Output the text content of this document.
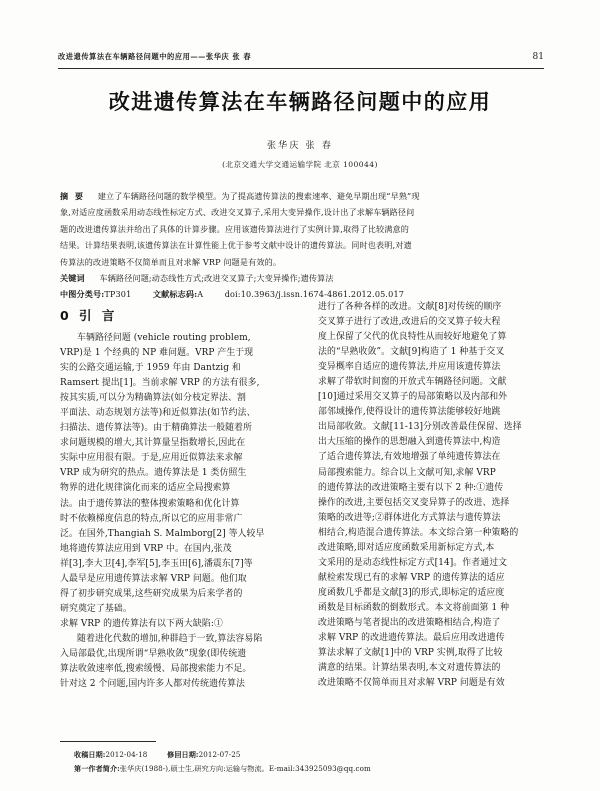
改进遗传算法在车辆路径问题中的应用——张华庆 张 春	81
改进遗传算法在车辆路径问题中的应用
张华庆 张 春
(北京交通大学交通运输学院 北京 100044)
摘 要 建立了车辆路径问题的数学模型。为了提高遗传算法的搜索速率、避免早期出现“早熟”现
象,对适应度函数采用动态线性标定方式、改进交叉算子,采用大变异操作,设计出了求解车辆路径问
题的改进遗传算法并给出了具体的计算步骤。应用该遗传算法进行了实例计算,取得了比较满意的
结果。计算结果表明,该遗传算法在计算性能上优于参考文献中设计的遗传算法。同时也表明,对遗
传算法的改进策略不仅简单而且对求解 VRP 问题是有效的。
关键词 车辆路径问题;动态线性方式;改进交叉算子;大变异操作;遗传算法
中图分类号:TP301	文献标志码:A	doi:10.3963/j.issn.1674-4861.2012.05.017
0 引 言
车辆路径问题 (vehicle routing problem,
VRP)是 1 个经典的 NP 难问题。VRP 产生于现
实的公路交通运输,于 1959 年由 Dantzig 和
Ramsert 提出[1]。当前求解 VRP 的方法有很多,
按其实质,可以分为精确算法(如分枝定界法、割
平面法、动态规划方法等)和近似算法(如节约法、
扫描法、遗传算法等)。由于精确算法一般随着所
求问题规模的增大,其计算量呈指数增长,因此在
实际中应用很有限。于是,应用近似算法来求解
VRP 成为研究的热点。遗传算法是 1 类仿照生
物界的进化规律演化而来的适应全局搜索算
法。由于遗传算法的整体搜索策略和优化计算
时不依赖梯度信息的特点,所以它的应用非常广
泛。在国外,Thangiah S. Malmborg[2] 等人较早
地将遗传算法应用到 VRP 中。在国内,张茂
祥[3],李大卫[4],李军[5],李玉田[6],潘震东[7]等
人最早是应用遗传算法求解 VRP 问题。他们取
得了初步研究成果,这些研究成果为后来学者的
研究奠定了基础。
求解 VRP 的遗传算法有以下两大缺陷:①
随着进化代数的增加,种群趋于一致,算法容易陷
入局部最优,出现所谓“早熟收敛”现象(即传统遗
算法收敛速率低,搜索缓慢、局部搜索能力不足。
针对这 2 个问题,国内许多人都对传统遗传算法
进行了各种各样的改进。文献[8]对传统的顺序
交叉算子进行了改进,改进后的交叉算子较大程
度上保留了父代的优良特性从而较好地避免了算
法的“早熟收敛”。文献[9]构造了 1 种基于交叉
变异概率自适应的遗传算法,并应用该遗传算法
求解了带软时间窗的开放式车辆路径问题。文献
[10]通过采用交叉算子的局部策略以及内部和外
部邻域操作,使得设计的遗传算法能够较好地跳
出局部收敛。文献[11-13]分别改善最佳保留、选择
出大压缩的操作的思想融入到遗传算法中,构造
了适合遗传算法,有效地增强了单纯遗传算法在
局部搜索能力。综合以上文献可知,求解 VRP
的遗传算法的改进策略主要有以下 2 种:①遗传
操作的改进,主要包括交叉变异算子的改进、选择
策略的改进等;②群体进化方式算法与遗传算法
相结合,构造混合遗传算法。本文综合第一种策略的
改进策略,即对适应度函数采用新标定方式,本
文采用的是动态线性标定方式[14]。作者通过文
献检索发现已有的求解 VRP 的遗传算法的适应
度函数几乎都是文献[3]的形式,即标定的适应度
函数是目标函数的倒数形式。本文将前面第 1 种
改进策略与笔者提出的改进策略相结合,构造了
求解 VRP 的改进遗传算法。最后应用改进遗传
算法求解了文献[1]中的 VRP 实例,取得了比较
满意的结果。计算结果表明,本文对遗传算法的
改进策略不仅简单而且对求解 VRP 问题是有效
收稿日期:2012-04-18	修回日期:2012-07-25
第一作者简介:张华庆(1988-),硕士生,研究方向:运输与物流。E-mail:343925093@qq.com
